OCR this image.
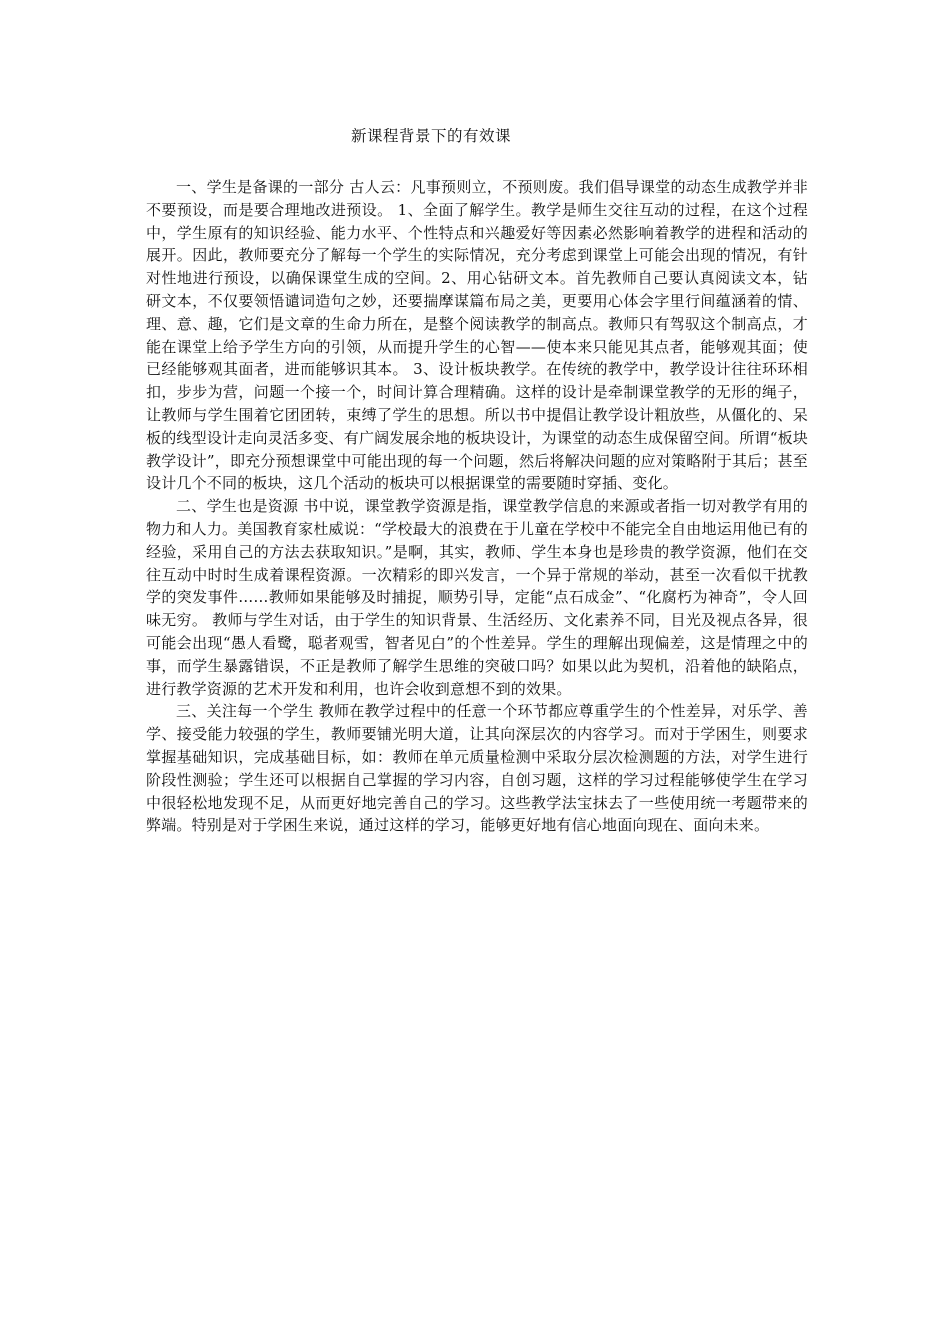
新课程背景下的有效课

一、学生是备课的一部分 古人云：凡事预则立，不预则废。我们倡导课堂的动态生成教学并非不要预设，而是要合理地改进预设。 1、全面了解学生。教学是师生交往互动的过程，在这个过程中，学生原有的知识经验、能力水平、个性特点和兴趣爱好等因素必然影响着教学的进程和活动的展开。因此，教师要充分了解每一个学生的实际情况，充分考虑到课堂上可能会出现的情况，有针对性地进行预设，以确保课堂生成的空间。2、用心钻研文本。首先教师自己要认真阅读文本，钻研文本，不仅要领悟谴词造句之妙，还要揣摩谋篇布局之美，更要用心体会字里行间蕴涵着的情、理、意、趣，它们是文章的生命力所在，是整个阅读教学的制高点。教师只有驾驭这个制高点，才能在课堂上给予学生方向的引领，从而提升学生的心智——使本来只能见其点者，能够观其面；使已经能够观其面者，进而能够识其本。 3、设计板块教学。在传统的教学中，教学设计往往环环相扣，步步为营，问题一个接一个，时间计算合理精确。这样的设计是牵制课堂教学的无形的绳子，让教师与学生围着它团团转，束缚了学生的思想。所以书中提倡让教学设计粗放些，从僵化的、呆板的线型设计走向灵活多变、有广阔发展余地的板块设计，为课堂的动态生成保留空间。所谓“板块教学设计”，即充分预想课堂中可能出现的每一个问题，然后将解决问题的应对策略附于其后；甚至设计几个不同的板块，这几个活动的板块可以根据课堂的需要随时穿插、变化。

二、学生也是资源 书中说，课堂教学资源是指，课堂教学信息的来源或者指一切对教学有用的物力和人力。美国教育家杜威说：“学校最大的浪费在于儿童在学校中不能完全自由地运用他已有的经验，采用自己的方法去获取知识。”是啊，其实，教师、学生本身也是珍贵的教学资源，他们在交往互动中时时生成着课程资源。一次精彩的即兴发言，一个异于常规的举动，甚至一次看似干扰教学的突发事件……教师如果能够及时捕捉，顺势引导，定能“点石成金”、“化腐朽为神奇”，令人回味无穷。 教师与学生对话，由于学生的知识背景、生活经历、文化素养不同，目光及视点各异，很可能会出现“愚人看鹭，聪者观雪，智者见白”的个性差异。学生的理解出现偏差，这是情理之中的事，而学生暴露错误，不正是教师了解学生思维的突破口吗？如果以此为契机，沿着他的缺陷点，进行教学资源的艺术开发和利用，也许会收到意想不到的效果。

三、关注每一个学生 教师在教学过程中的任意一个环节都应尊重学生的个性差异，对乐学、善学、接受能力较强的学生，教师要铺光明大道，让其向深层次的内容学习。而对于学困生，则要求掌握基础知识，完成基础目标，如：教师在单元质量检测中采取分层次检测题的方法，对学生进行阶段性测验；学生还可以根据自己掌握的学习内容，自创习题，这样的学习过程能够使学生在学习中很轻松地发现不足，从而更好地完善自己的学习。这些教学法宝抹去了一些使用统一考题带来的弊端。特别是对于学困生来说，通过这样的学习，能够更好地有信心地面向现在、面向未来。
